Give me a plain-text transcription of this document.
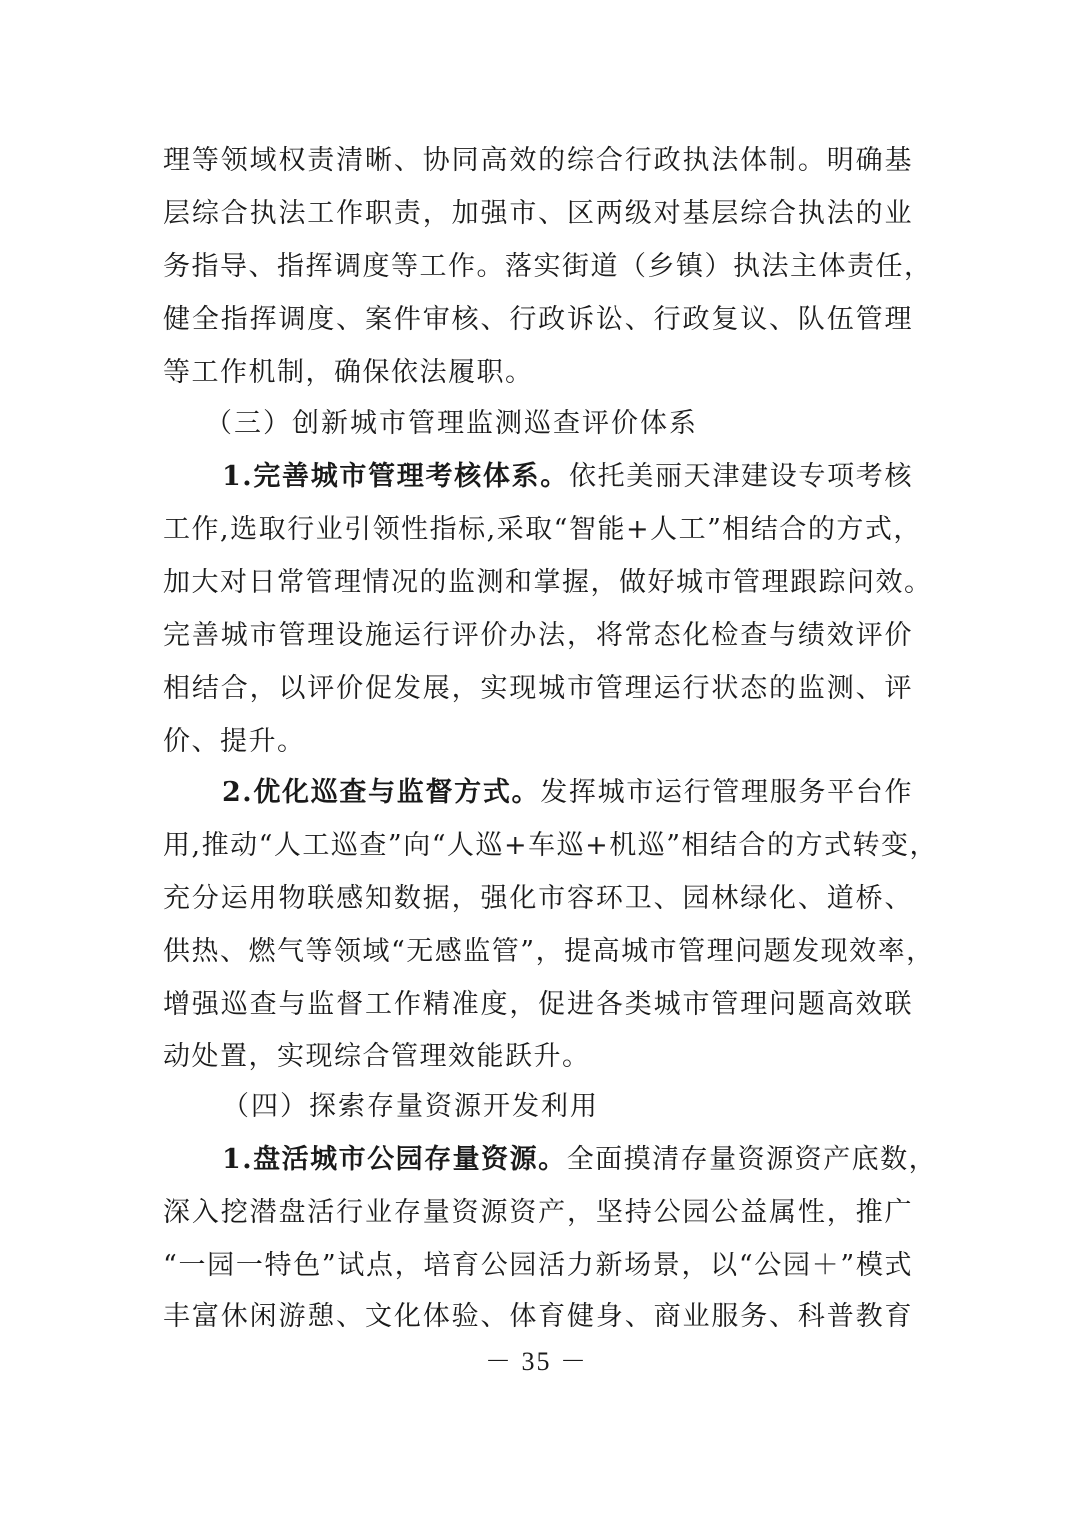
理等领域权责清晰、协同高效的综合行政执法体制。明确基
层综合执法工作职责，加强市、区两级对基层综合执法的业
务指导、指挥调度等工作。落实街道（乡镇）执法主体责任，
健全指挥调度、案件审核、行政诉讼、行政复议、队伍管理
等工作机制，确保依法履职。
（三）创新城市管理监测巡查评价体系
1.完善城市管理考核体系。依托美丽天津建设专项考核
工作,选取行业引领性指标,采取“智能+人工”相结合的方式，
加大对日常管理情况的监测和掌握，做好城市管理跟踪问效。
完善城市管理设施运行评价办法，将常态化检查与绩效评价
相结合，以评价促发展，实现城市管理运行状态的监测、评
价、提升。
2.优化巡查与监督方式。发挥城市运行管理服务平台作
用,推动“人工巡查”向“人巡+车巡+机巡”相结合的方式转变，
充分运用物联感知数据，强化市容环卫、园林绿化、道桥、
供热、燃气等领域“无感监管”，提高城市管理问题发现效率，
增强巡查与监督工作精准度，促进各类城市管理问题高效联
动处置，实现综合管理效能跃升。
（四）探索存量资源开发利用
1.盘活城市公园存量资源。全面摸清存量资源资产底数，
深入挖潜盘活行业存量资源资产，坚持公园公益属性，推广
“一园一特色”试点，培育公园活力新场景，以“公园＋”模式
丰富休闲游憩、文化体验、体育健身、商业服务、科普教育
－ 35 －
